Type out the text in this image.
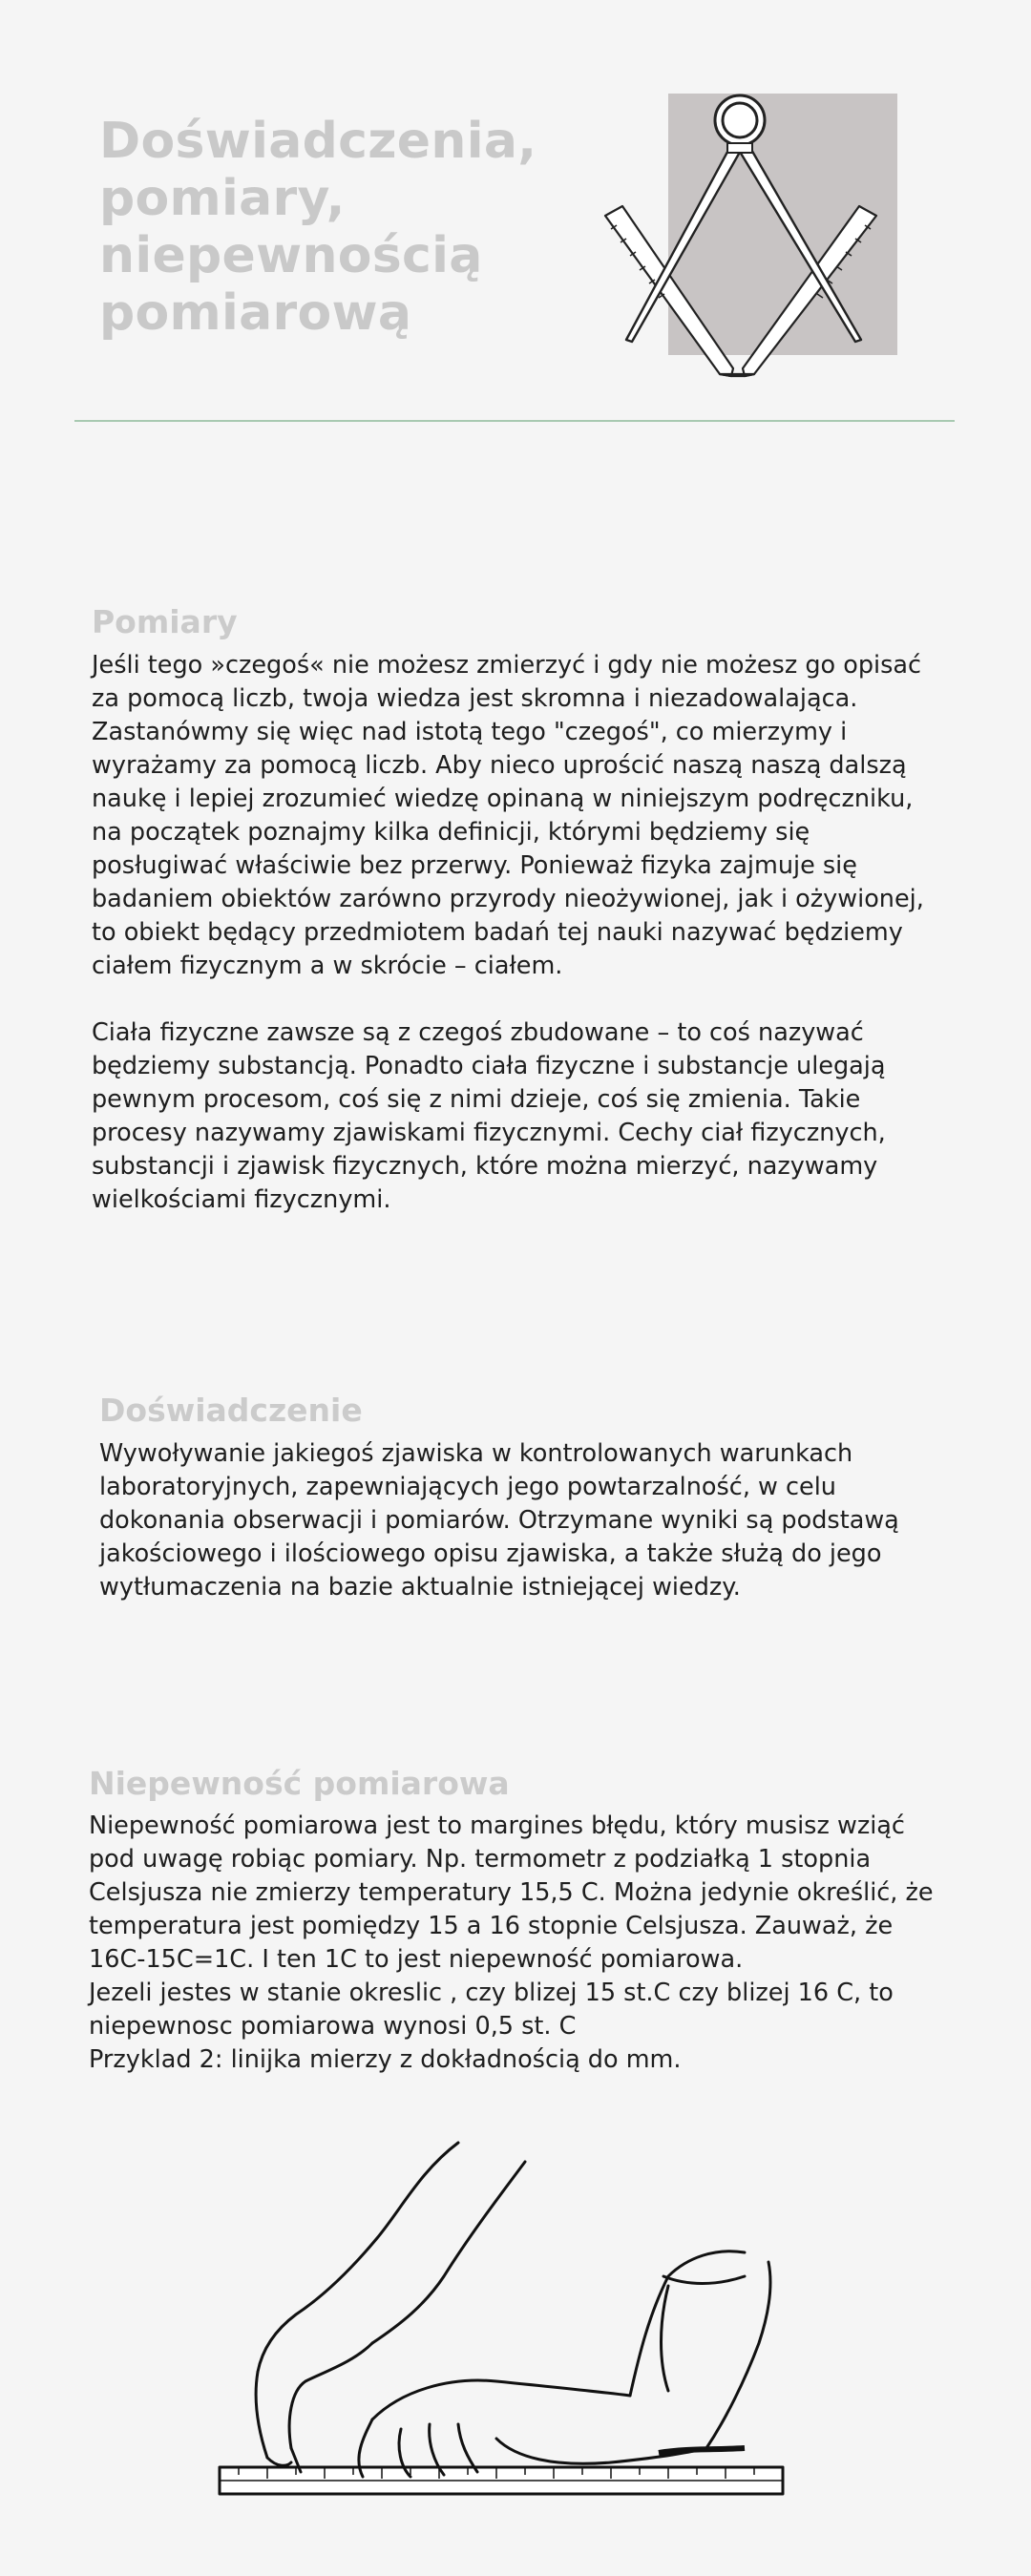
Doświadczenia,
pomiary,
niepewnością
pomiarową
Pomiary

Jeśli tego »czegoś« nie możesz zmierzyć i gdy nie możesz go opisać za pomocą liczb, twoja wiedza jest skromna i niezadowalająca. Zastanówmy się więc nad istotą tego "czegoś", co mierzymy i wyrażamy za pomocą liczb. Aby nieco uprościć naszą naszą dalszą naukę i lepiej zrozumieć wiedzę opinaną w niniejszym podręczniku, na początek poznajmy kilka definicji, którymi będziemy się posługiwać właściwie bez przerwy. Ponieważ fizyka zajmuje się badaniem obiektów zarówno przyrody nieożywionej, jak i ożywionej, to obiekt będący przedmiotem badań tej nauki nazywać będziemy ciałem fizycznym a w skrócie – ciałem.

Ciała fizyczne zawsze są z czegoś zbudowane – to coś nazywać będziemy substancją. Ponadto ciała fizyczne i substancje ulegają pewnym procesom, coś się z nimi dzieje, coś się zmienia. Takie procesy nazywamy zjawiskami fizycznymi. Cechy ciał fizycznych, substancji i zjawisk fizycznych, które można mierzyć, nazywamy wielkościami fizycznymi.

Doświadczenie

Wywoływanie jakiegoś zjawiska w kontrolowanych warunkach laboratoryjnych, zapewniających jego powtarzalność, w celu dokonania obserwacji i pomiarów. Otrzymane wyniki są podstawą jakościowego i ilościowego opisu zjawiska, a także służą do jego wytłumaczenia na bazie aktualnie istniejącej wiedzy.

Niepewność pomiarowa
Niepewność pomiarowa jest to margines błędu, który musisz wziąć pod uwagę robiąc pomiary. Np. termometr z podziałką 1 stopnia Celsjusza nie zmierzy temperatury 15,5 C. Można jedynie określić, że temperatura jest pomiędzy 15 a 16 stopnie Celsjusza. Zauważ, że 16C-15C=1C. I ten 1C to jest niepewność pomiarowa.
Jezeli jestes w stanie okreslic , czy blizej 15 st.C czy blizej 16 C, to niepewnosc pomiarowa wynosi 0,5 st. C
Przyklad 2: linijka mierzy z dokładnością do mm.
